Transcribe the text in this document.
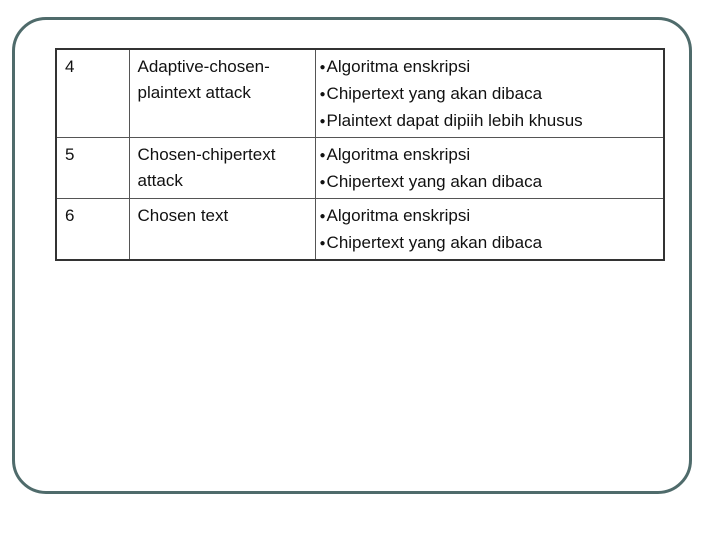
4	Adaptive-chosen-plaintext attack	●Algoritma enskripsi
●Chipertext yang akan dibaca
●Plaintext dapat dipiih lebih khusus

5	Chosen-chipertext attack	●Algoritma enskripsi
●Chipertext yang akan dibaca

6	Chosen text	●Algoritma enskripsi
●Chipertext yang akan dibaca
